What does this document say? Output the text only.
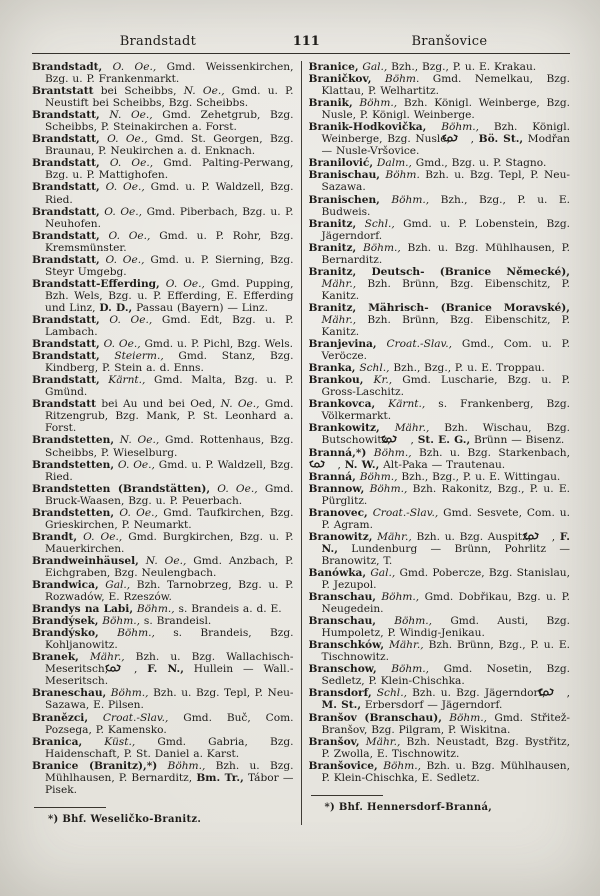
Brandstadt	111	Branšovice

Brandstadt, O. Oe., Gmd. Weissenkirchen, Bzg. u. P. Frankenmarkt.

Brantstatt bei Scheibbs, N. Oe., Gmd. u. P. Neustift bei Scheibbs, Bzg. Scheibbs.

Brandstatt, N. Oe., Gmd. Zehetgrub, Bzg. Scheibbs, P. Steinakirchen a. Forst.

Brandstatt, O. Oe., Gmd. St. Georgen, Bzg. Braunau, P. Neukirchen a. d. Enknach.

Brandstatt, O. Oe., Gmd. Palting-Perwang, Bzg. u. P. Mattighofen.

Brandstatt, O. Oe., Gmd. u. P. Waldzell, Bzg. Ried.

Brandstatt, O. Oe., Gmd. Piberbach, Bzg. u. P. Neuhofen.

Brandstatt, O. Oe., Gmd. u. P. Rohr, Bzg. Kremsmünster.

Brandstatt, O. Oe., Gmd. u. P. Sierning, Bzg. Steyr Umgebg.

Brandstatt-Efferding, O. Oe., Gmd. Pupping, Bzh. Wels, Bzg. u. P. Efferding, E. Efferding und Linz, D. D., Passau (Bayern) — Linz.

Brandstatt, O. Oe., Gmd. Edt, Bzg. u. P. Lambach.

Brandstatt, O. Oe., Gmd. u. P. Pichl, Bzg. Wels.

Brandstatt, Steierm., Gmd. Stanz, Bzg. Kindberg, P. Stein a. d. Enns.

Brandstatt, Kärnt., Gmd. Malta, Bzg. u. P. Gmünd.

Brandstatt bei Au und bei Oed, N. Oe., Gmd. Ritzengrub, Bzg. Mank, P. St. Leonhard a. Forst.

Brandstetten, N. Oe., Gmd. Rottenhaus, Bzg. Scheibbs, P. Wieselburg.

Brandstetten, O. Oe., Gmd. u. P. Waldzell, Bzg. Ried.

Brandstetten (Brandstätten), O. Oe., Gmd. Bruck-Waasen, Bzg. u. P. Peuerbach.

Brandstetten, O. Oe., Gmd. Taufkirchen, Bzg. Grieskirchen, P. Neumarkt.

Brandt, O. Oe., Gmd. Burgkirchen, Bzg. u. P. Mauerkirchen.

Brandweinhäusel, N. Oe., Gmd. Anzbach, P. Eichgraben, Bzg. Neulengbach.

Brandwica, Gal., Bzh. Tarnobrzeg, Bzg. u. P. Rozwadów, E. Rzeszów.

Brandys na Labi, Böhm., s. Brandeis a. d. E.

Brandýsek, Böhm., s. Brandeisl.

Brandýsko, Böhm., s. Brandeis, Bzg. Kohljanowitz.

Branek, Mähr., Bzh. u. Bzg. Wallachisch-Meseritsch, , F. N., Hullein — Wall.-Meseritsch.

Braneschau, Böhm., Bzh. u. Bzg. Tepl, P. Neu-Sazawa, E. Pilsen.

Branězci, Croat.-Slav., Gmd. Buč, Com. Pozsega, P. Kamensko.

Branica, Küst., Gmd. Gabria, Bzg. Haidenschaft, P. St. Daniel a. Karst.

Branice (Branitz),*) Böhm., Bzh. u. Bzg. Mühlhausen, P. Bernarditz, Bm. Tr., Tábor — Pisek.

*) Bhf. Weseličko-Branitz.

Branice, Gal., Bzh., Bzg., P. u. E. Krakau.

Braničkov, Böhm. Gmd. Nemelkau, Bzg. Klattau, P. Welhartitz.

Branik, Böhm., Bzh. Königl. Weinberge, Bzg. Nusle, P. Königl. Weinberge.

Branik-Hodkovička, Böhm., Bzh. Königl. Weinberge, Bzg. Nusle, , Bö. St., Modřan — Nusle-Vršovice.

Branilović, Dalm., Gmd., Bzg. u. P. Stagno.

Branischau, Böhm. Bzh. u. Bzg. Tepl, P. Neu-Sazawa.

Branischen, Böhm., Bzh., Bzg., P. u. E. Budweis.

Branitz, Schl., Gmd. u. P. Lobenstein, Bzg. Jägerndorf.

Branitz, Böhm., Bzh. u. Bzg. Mühlhausen, P. Bernarditz.

Branitz, Deutsch- (Branice Německé), Mähr., Bzh. Brünn, Bzg. Eibenschitz, P. Kanitz.

Branitz, Mährisch- (Branice Moravské), Mähr., Bzh. Brünn, Bzg. Eibenschitz, P. Kanitz.

Branjevina, Croat.-Slav., Gmd., Com. u. P. Veröcze.

Branka, Schl., Bzh., Bzg., P. u. E. Troppau.

Brankou, Kr., Gmd. Luscharie, Bzg. u. P. Gross-Laschitz.

Brankovca, Kärnt., s. Frankenberg, Bzg. Völkermarkt.

Brankowitz, Mähr., Bzh. Wischau, Bzg. Butschowitz, , St. E. G., Brünn — Bisenz.

Branná,*) Böhm., Bzh. u. Bzg. Starkenbach, , N. W., Alt-Paka — Trautenau.

Branná, Böhm., Bzh., Bzg., P. u. E. Wittingau.

Brannow, Böhm., Bzh. Rakonitz, Bzg., P. u. E. Pürglitz.

Branovec, Croat.-Slav., Gmd. Sesvete, Com. u. P. Agram.

Branowitz, Mähr., Bzh. u. Bzg. Auspitz, , F. N., Lundenburg — Brünn, Pohrlitz — Branowitz, T.

Banówka, Gal., Gmd. Pobercze, Bzg. Stanislau, P. Jezupol.

Branschau, Böhm., Gmd. Dobřikau, Bzg. u. P. Neugedein.

Branschau, Böhm., Gmd. Austi, Bzg. Humpoletz, P. Windig-Jenikau.

Branschków, Mähr., Bzh. Brünn, Bzg., P. u. E. Tischnowitz.

Branschow, Böhm., Gmd. Nosetin, Bzg. Sedletz, P. Klein-Chischka.

Bransdorf, Schl., Bzh. u. Bzg. Jägerndorf, , M. St., Erbersdorf — Jägerndorf.

Branšov (Branschau), Böhm., Gmd. Střitež-Branšov, Bzg. Pilgram, P. Wiskitna.

Branšov, Mähr., Bzh. Neustadt, Bzg. Bystřitz, P. Zwolla, E. Tischnowitz.

Branšovice, Böhm., Bzh. u. Bzg. Mühlhausen, P. Klein-Chischka, E. Sedletz.

*) Bhf. Hennersdorf-Branná,
